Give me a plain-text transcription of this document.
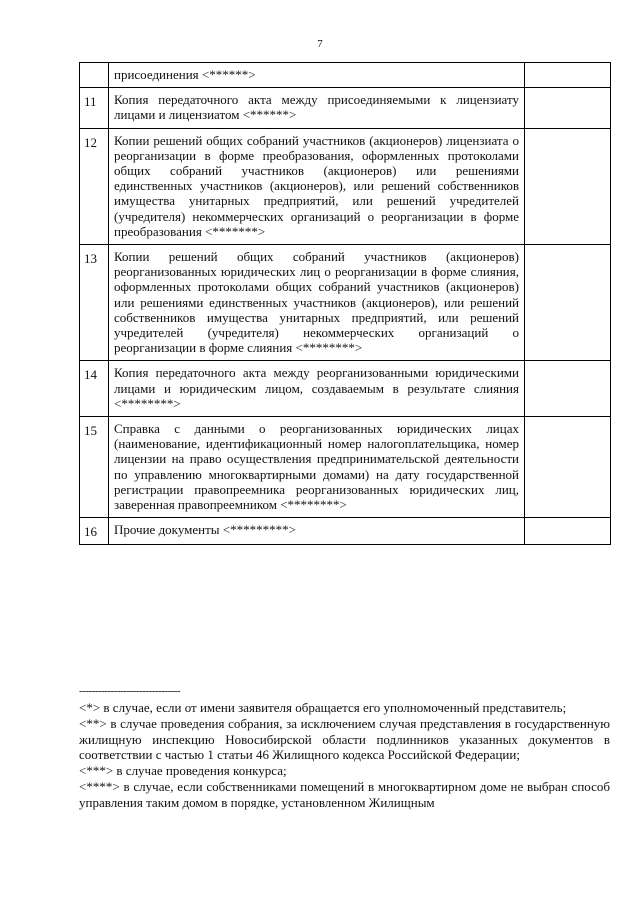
7
	присоединения <******>	
11	Копия передаточного акта между присоединяемыми к лицензиату лицами и лицензиатом <******>	
12	Копии решений общих собраний участников (акционеров) лицензиата о реорганизации в форме преобразования, оформленных протоколами общих собраний участников (акционеров) или решениями единственных участников (акционеров), или решений собственников имущества унитарных предприятий, или решений учредителей (учредителя) некоммерческих организаций о реорганизации в форме преобразования <*******>	
13	Копии решений общих собраний участников (акционеров) реорганизованных юридических лиц о реорганизации в форме слияния, оформленных протоколами общих собраний участников (акционеров) или решениями единственных участников (акционеров), или решений собственников имущества унитарных предприятий, или решений учредителей (учредителя) некоммерческих организаций о реорганизации в форме слияния <********>	
14	Копия передаточного акта между реорганизованными юридическими лицами и юридическим лицом, создаваемым в результате слияния <********>	
15	Справка с данными о реорганизованных юридических лицах (наименование, идентификационный номер налогоплательщика, номер лицензии на право осуществления предпринимательской деятельности по управлению многоквартирными домами) на дату государственной регистрации правопреемника реорганизованных юридических лиц, заверенная правопреемником <********>	
16	Прочие документы <*********>	
--------------------------------

<*> в случае, если от имени заявителя обращается его уполномоченный представитель;

<**> в случае проведения собрания, за исключением случая представления в государственную жилищную инспекцию Новосибирской области подлинников указанных документов в соответствии с частью 1 статьи 46 Жилищного кодекса Российской Федерации;

<***> в случае проведения конкурса;

<****> в случае, если собственниками помещений в многоквартирном доме не выбран способ управления таким домом в порядке, установленном Жилищным
